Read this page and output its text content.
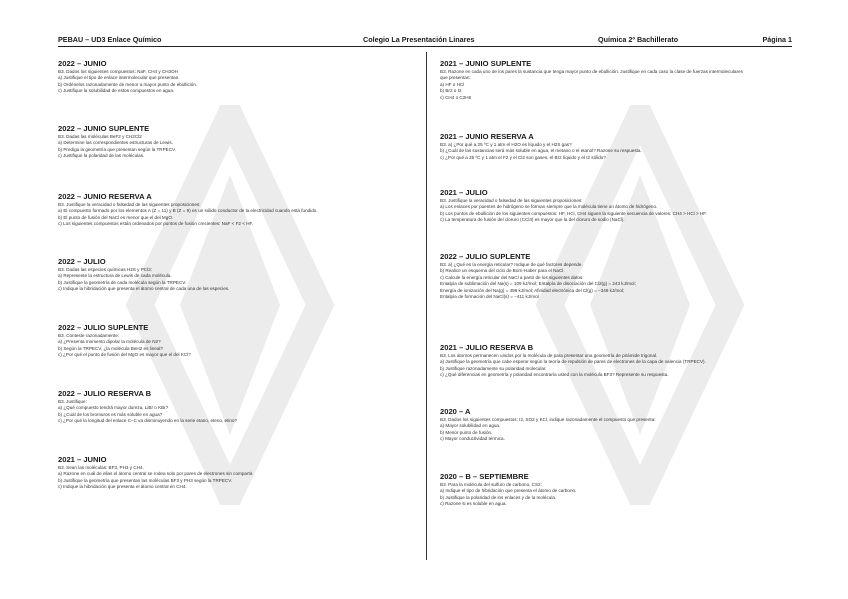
PEBAU – UD3 Enlace Químico	Colegio La Presentación Linares	Química 2º Bachillerato	Página 1
2022 – JUNIO
B3. Dados los siguientes compuestos: NaF, CH4 y CH3OH
a) Justifique el tipo de enlace intermolecular que presentan.
b) Ordénelos razonadamente de menor a mayor punto de ebullición.
c) Justifique la solubilidad de estos compuestos en agua.
2022 – JUNIO SUPLENTE
B3. Dadas las moléculas BeF2 y CH2Cl2
a) Determine las correspondientes estructuras de Lewis.
b) Prediga la geometría que presentan según la TRPECV.
c) Justifique la polaridad de las moléculas.
2022 – JUNIO RESERVA A
B3. Justifique la veracidad o falsedad de las siguientes proposiciones:
a) El compuesto formado por los elementos A (Z = 11) y B (Z = 9) es un sólido conductor de la electricidad cuando está fundido.
b) El punto de fusión del NaCl es menor que el del MgO.
c) Los siguientes compuestos están ordenados por puntos de fusión crecientes: NaF < F2 < HF.
2022 – JULIO
B3. Dadas las especies químicas H2S y PCl3:
a) Represente la estructura de Lewis de cada molécula.
b) Justifique la geometría de cada molécula según la TRPECV.
c) Indique la hibridación que presenta el átomo central de cada una de las especies.
2022 – JULIO SUPLENTE
B3. Conteste razonadamente:
a) ¿Presenta momento dipolar la molécula de N2?
b) Según la TRPECV, ¿la molécula BeH2 es lineal?
c) ¿Por qué el punto de fusión del MgO es mayor que el del KCl?
2022 – JULIO RESERVA B
B3. Justifique:
a) ¿Qué compuesto tendrá mayor dureza, LiBr o KBr?
b) ¿Cuál de los bromuros es más soluble en agua?
c) ¿Por qué la longitud del enlace C–C va disminuyendo en la serie etano, eteno, etino?
2021 – JUNIO
B3. Sean las moléculas: BF3, PH3 y CH4.
a) Razone en cuál de ellas el átomo central se rodea solo por pares de electrones sin compartir.
b) Justifique la geometría que presentan las moléculas BF3 y PH3 según la TRPECV.
c) Indique la hibridación que presenta el átomo central en CH4.
2021 – JUNIO SUPLENTE
B3. Razone en cada uno de los pares la sustancia que tenga mayor punto de ebullición. Justifique en cada caso la clase de fuerzas intermoleculares
que presentan:
a) HF o HCl
b) Br2 o I2
c) CH4 o C2H6
2021 – JUNIO RESERVA A
B3. a) ¿Por qué a 25 ºC y 1 atm el H2O es líquido y el H2S gas?
b) ¿Cuál de las sustancias será más soluble en agua, el metano o el etanol? Razone su respuesta.
c) ¿Por qué a 25 ºC y 1 atm el F2 y el Cl2 son gases, el Br2 líquido y el I2 sólido?
2021 – JULIO
B3. Justifique la veracidad o falsedad de las siguientes proposiciones:
a) Los enlaces por puentes de hidrógeno se forman siempre que la molécula tiene un átomo de hidrógeno.
b) Los puntos de ebullición de los siguientes compuestos: HF, HCl, CH4 siguen la siguiente secuencia de valores: CH4 > HCl > HF.
c) La temperatura de fusión del cloruro (CCl4) es mayor que la del cloruro de sodio (NaCl).
2022 – JULIO SUPLENTE
B3. a) ¿Qué es la energía reticular? Indique de qué factores depende.
b) Realice un esquema del ciclo de Born-Haber para el NaCl.
c) Calcule la energía reticular del NaCl a partir de los siguientes datos:
Entalpía de sublimación del Na(s) = 109 kJ/mol; Entalpía de disociación del Cl2(g) = 243 kJ/mol;
Energía de ionización del Na(g) = 496 kJ/mol; Afinidad electrónica del Cl(g) = −348 kJ/mol;
Entalpía de formación del NaCl(s) = −411 kJ/mol
2021 – JULIO RESERVA B
B3. Los átomos permanecen unidos por la molécula de para presentar una geometría de pirámide trigonal.
a) Justifique la geometría que cabe esperar según la teoría de repulsión de pares de electrones de la capa de valencia (TRPECV).
b) Justifique razonadamente su polaridad molecular.
c) ¿Qué diferencias en geometría y polaridad encontraría usted con la molécula BF3? Represente su respuesta.
2020 – A
B3. Dados los siguientes compuestos: I2, SO2 y KCl, indique razonadamente el compuesto que presenta:
a) Mayor solubilidad en agua.
b) Menor punto de fusión.
c) Mayor conductividad térmica.
2020 – B – SEPTIEMBRE
B3. Para la molécula del sulfuro de carbono, CS2:
a) Indique el tipo de hibridación que presenta el átomo de carbono.
b) Justifique la polaridad de los enlaces y de la molécula.
c) Razone si es soluble en agua.
